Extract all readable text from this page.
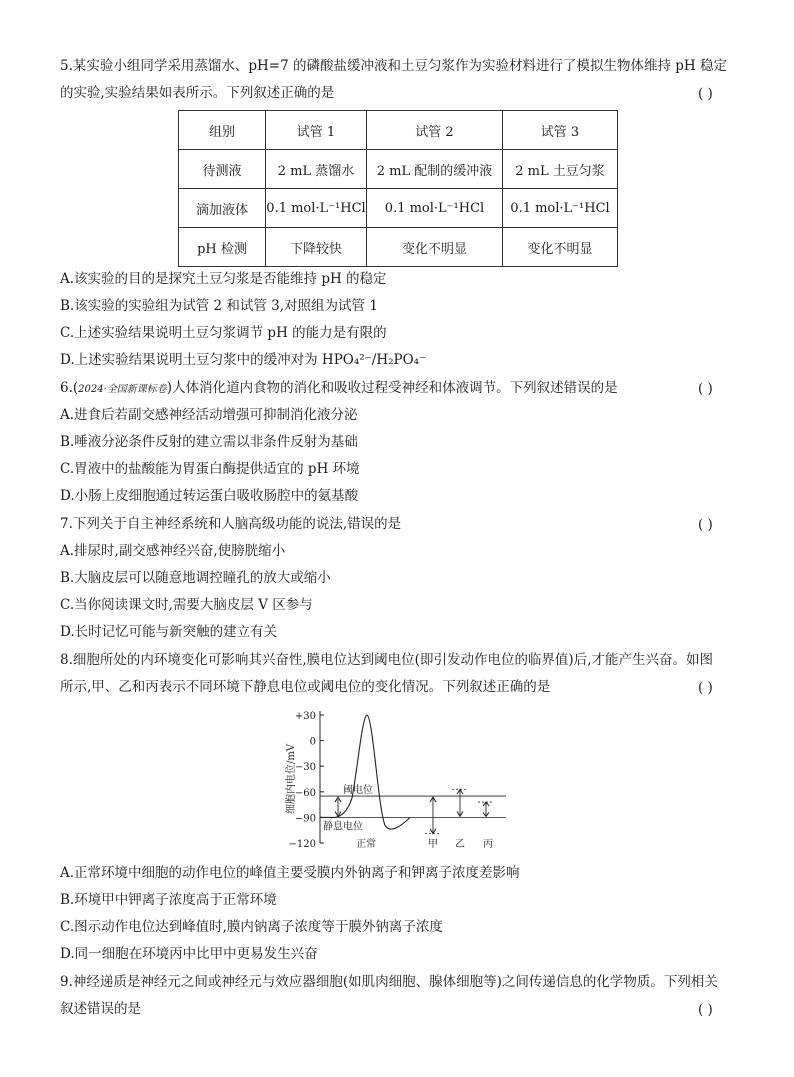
5.某实验小组同学采用蒸馏水、pH=7 的磷酸盐缓冲液和土豆匀浆作为实验材料进行了模拟生物体维持 pH 稳定
的实验,实验结果如表所示。下列叙述正确的是	( )
组别	试管 1	试管 2	试管 3
待测液	2 mL 蒸馏水	2 mL 配制的缓冲液	2 mL 土豆匀浆
滴加液体	0.1 mol·L⁻¹HCl	0.1 mol·L⁻¹HCl	0.1 mol·L⁻¹HCl
pH 检测	下降较快	变化不明显	变化不明显
A.该实验的目的是探究土豆匀浆是否能维持 pH 的稳定
B.该实验的实验组为试管 2 和试管 3,对照组为试管 1
C.上述实验结果说明土豆匀浆调节 pH 的能力是有限的
D.上述实验结果说明土豆匀浆中的缓冲对为 HPO₄²⁻/H₂PO₄⁻
6.(2024·全国新课标卷)人体消化道内食物的消化和吸收过程受神经和体液调节。下列叙述错误的是	( )
A.进食后若副交感神经活动增强可抑制消化液分泌
B.唾液分泌条件反射的建立需以非条件反射为基础
C.胃液中的盐酸能为胃蛋白酶提供适宜的 pH 环境
D.小肠上皮细胞通过转运蛋白吸收肠腔中的氨基酸
7.下列关于自主神经系统和人脑高级功能的说法,错误的是	( )
A.排尿时,副交感神经兴奋,使膀胱缩小
B.大脑皮层可以随意地调控瞳孔的放大或缩小
C.当你阅读课文时,需要大脑皮层 V 区参与
D.长时记忆可能与新突触的建立有关
8.细胞所处的内环境变化可影响其兴奋性,膜电位达到阈电位(即引发动作电位的临界值)后,才能产生兴奋。如图
所示,甲、乙和丙表示不同环境下静息电位或阈电位的变化情况。下列叙述正确的是	( )
+30
0
−30
−60
−90
−120
细胞内电位/mV	阈电位
静息电位
正常	甲 乙 丙
A.正常环境中细胞的动作电位的峰值主要受膜内外钠离子和钾离子浓度差影响
B.环境甲中钾离子浓度高于正常环境
C.图示动作电位达到峰值时,膜内钠离子浓度等于膜外钠离子浓度
D.同一细胞在环境丙中比甲中更易发生兴奋
9.神经递质是神经元之间或神经元与效应器细胞(如肌肉细胞、腺体细胞等)之间传递信息的化学物质。下列相关
叙述错误的是	( )
